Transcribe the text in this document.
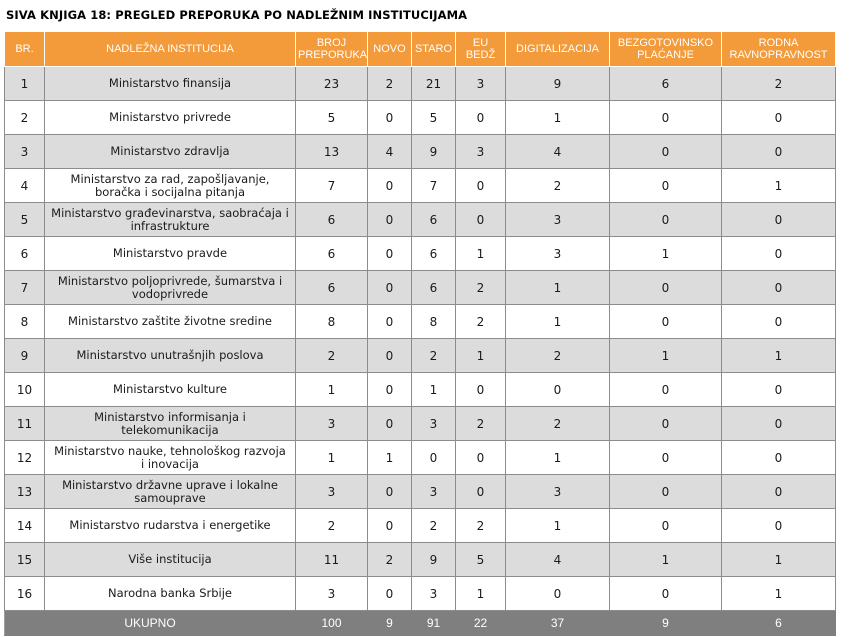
SIVA KNJIGA 18: PREGLED PREPORUKA PO NADLEŽNIM INSTITUCIJAMA
BR.	NADLEŽNA INSTITUCIJA	BROJ PREPORUKA	NOVO	STARO	EU BEDŽ	DIGITALIZACIJA	BEZGOTOVINSKO PLAĆANJE	RODNA RAVNOPRAVNOST
1	Ministarstvo finansija	23	2	21	3	9	6	2
2	Ministarstvo privrede	5	0	5	0	1	0	0
3	Ministarstvo zdravlja	13	4	9	3	4	0	0
4	Ministarstvo za rad, zapošljavanje, boračka i socijalna pitanja	7	0	7	0	2	0	1
5	Ministarstvo građevinarstva, saobraćaja i infrastrukture	6	0	6	0	3	0	0
6	Ministarstvo pravde	6	0	6	1	3	1	0
7	Ministarstvo poljoprivrede, šumarstva i vodoprivrede	6	0	6	2	1	0	0
8	Ministarstvo zaštite životne sredine	8	0	8	2	1	0	0
9	Ministarstvo unutrašnjih poslova	2	0	2	1	2	1	1
10	Ministarstvo kulture	1	0	1	0	0	0	0
11	Ministarstvo informisanja i telekomunikacija	3	0	3	2	2	0	0
12	Ministarstvo nauke, tehnološkog razvoja i inovacija	1	1	0	0	1	0	0
13	Ministarstvo državne uprave i lokalne samouprave	3	0	3	0	3	0	0
14	Ministarstvo rudarstva i energetike	2	0	2	2	1	0	0
15	Više institucija	11	2	9	5	4	1	1
16	Narodna banka Srbije	3	0	3	1	0	0	1
UKUPNO		100	9	91	22	37	9	6
